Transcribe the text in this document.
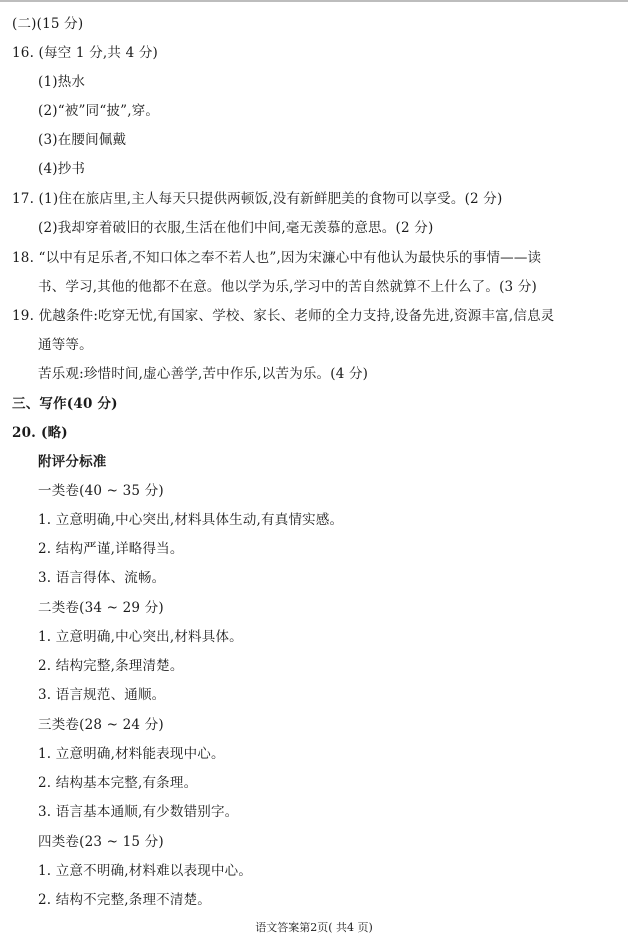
(二)(15 分)
16. (每空 1 分,共 4 分)
(1)热水
(2)“被”同“披”,穿。
(3)在腰间佩戴
(4)抄书
17. (1)住在旅店里,主人每天只提供两顿饭,没有新鲜肥美的食物可以享受。(2 分)
(2)我却穿着破旧的衣服,生活在他们中间,毫无羡慕的意思。(2 分)
18. “以中有足乐者,不知口体之奉不若人也”,因为宋濂心中有他认为最快乐的事情——读
书、学习,其他的他都不在意。他以学为乐,学习中的苦自然就算不上什么了。(3 分)
19. 优越条件:吃穿无忧,有国家、学校、家长、老师的全力支持,设备先进,资源丰富,信息灵
通等等。
苦乐观:珍惜时间,虚心善学,苦中作乐,以苦为乐。(4 分)
三、写作(40 分)
20. (略)
附评分标准
一类卷(40 ~ 35 分)
1. 立意明确,中心突出,材料具体生动,有真情实感。
2. 结构严谨,详略得当。
3. 语言得体、流畅。
二类卷(34 ~ 29 分)
1. 立意明确,中心突出,材料具体。
2. 结构完整,条理清楚。
3. 语言规范、通顺。
三类卷(28 ~ 24 分)
1. 立意明确,材料能表现中心。
2. 结构基本完整,有条理。
3. 语言基本通顺,有少数错别字。
四类卷(23 ~ 15 分)
1. 立意不明确,材料难以表现中心。
2. 结构不完整,条理不清楚。
语文答案第2页( 共4 页)
